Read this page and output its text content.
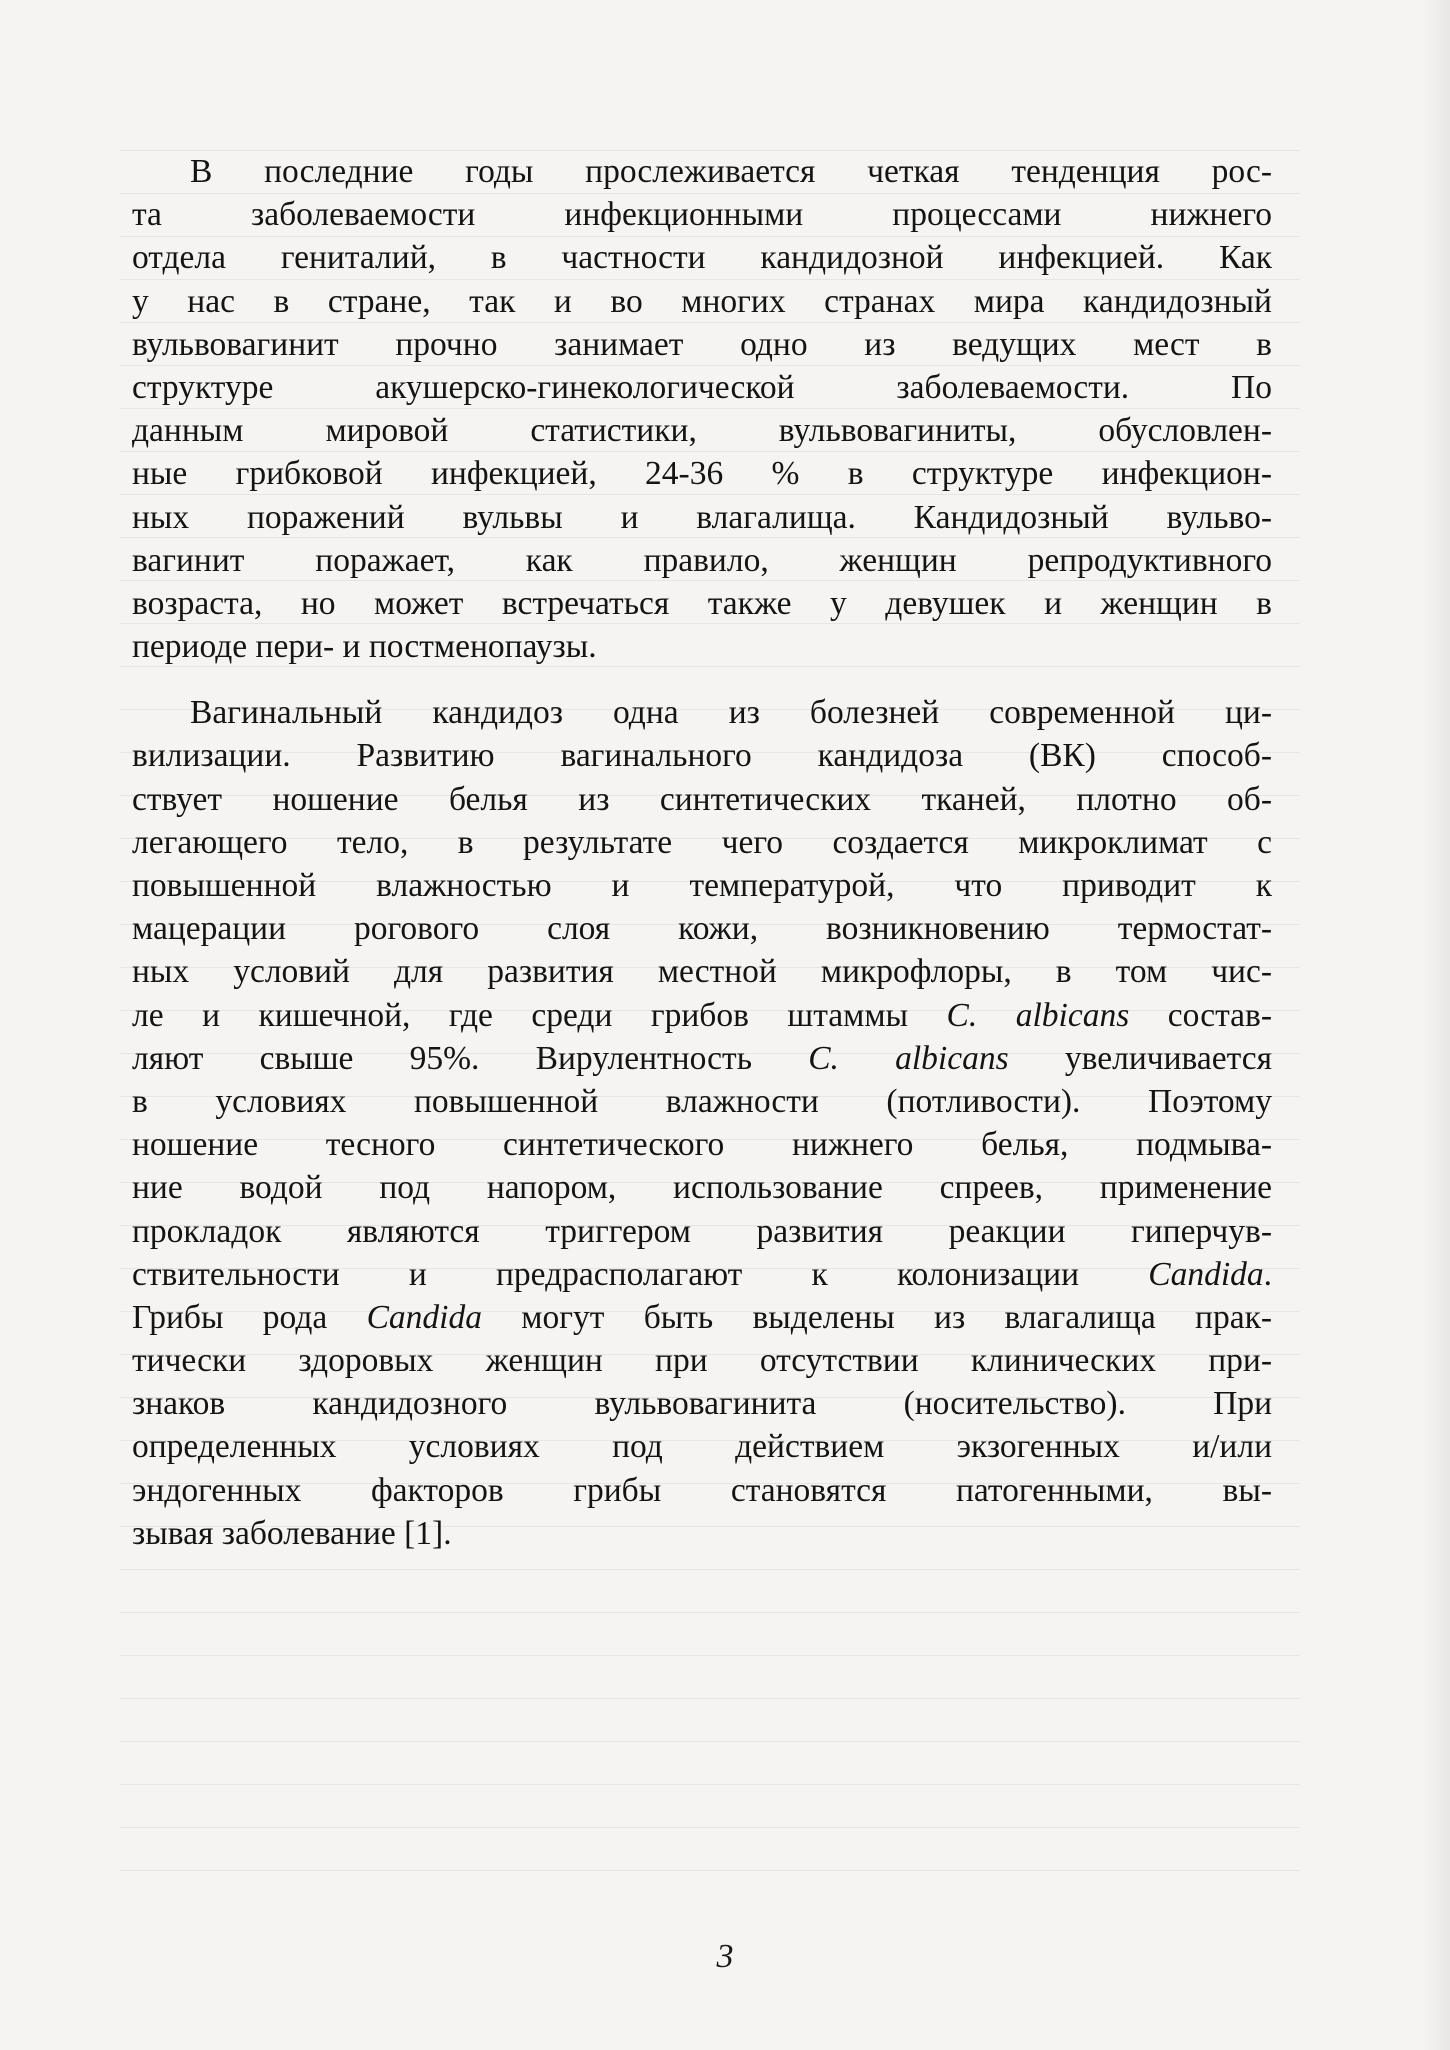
В последние годы прослеживается четкая тенденция рос-
та заболеваемости инфекционными процессами нижнего
отдела гениталий, в частности кандидозной инфекцией. Как
у нас в стране, так и во многих странах мира кандидозный
вульвовагинит прочно занимает одно из ведущих мест в
структуре акушерско-гинекологической заболеваемости. По
данным мировой статистики, вульвовагиниты, обусловлен-
ные грибковой инфекцией, 24-36 % в структуре инфекцион-
ных поражений вульвы и влагалища. Кандидозный вульво-
вагинит поражает, как правило, женщин репродуктивного
возраста, но может встречаться также у девушек и женщин в
периоде пери- и постменопаузы.

Вагинальный кандидоз одна из болезней современной ци-
вилизации. Развитию вагинального кандидоза (ВК) способ-
ствует ношение белья из синтетических тканей, плотно об-
легающего тело, в результате чего создается микроклимат с
повышенной влажностью и температурой, что приводит к
мацерации рогового слоя кожи, возникновению термостат-
ных условий для развития местной микрофлоры, в том чис-
ле и кишечной, где среди грибов штаммы C. albicans состав-
ляют свыше 95%. Вирулентность C. albicans увеличивается
в условиях повышенной влажности (потливости). Поэтому
ношение тесного синтетического нижнего белья, подмыва-
ние водой под напором, использование спреев, применение
прокладок являются триггером развития реакции гиперчув-
ствительности и предрасполагают к колонизации Candida.
Грибы рода Candida могут быть выделены из влагалища прак-
тически здоровых женщин при отсутствии клинических при-
знаков кандидозного вульвовагинита (носительство). При
определенных условиях под действием экзогенных и/или
эндогенных факторов грибы становятся патогенными, вы-
зывая заболевание [1].

3
